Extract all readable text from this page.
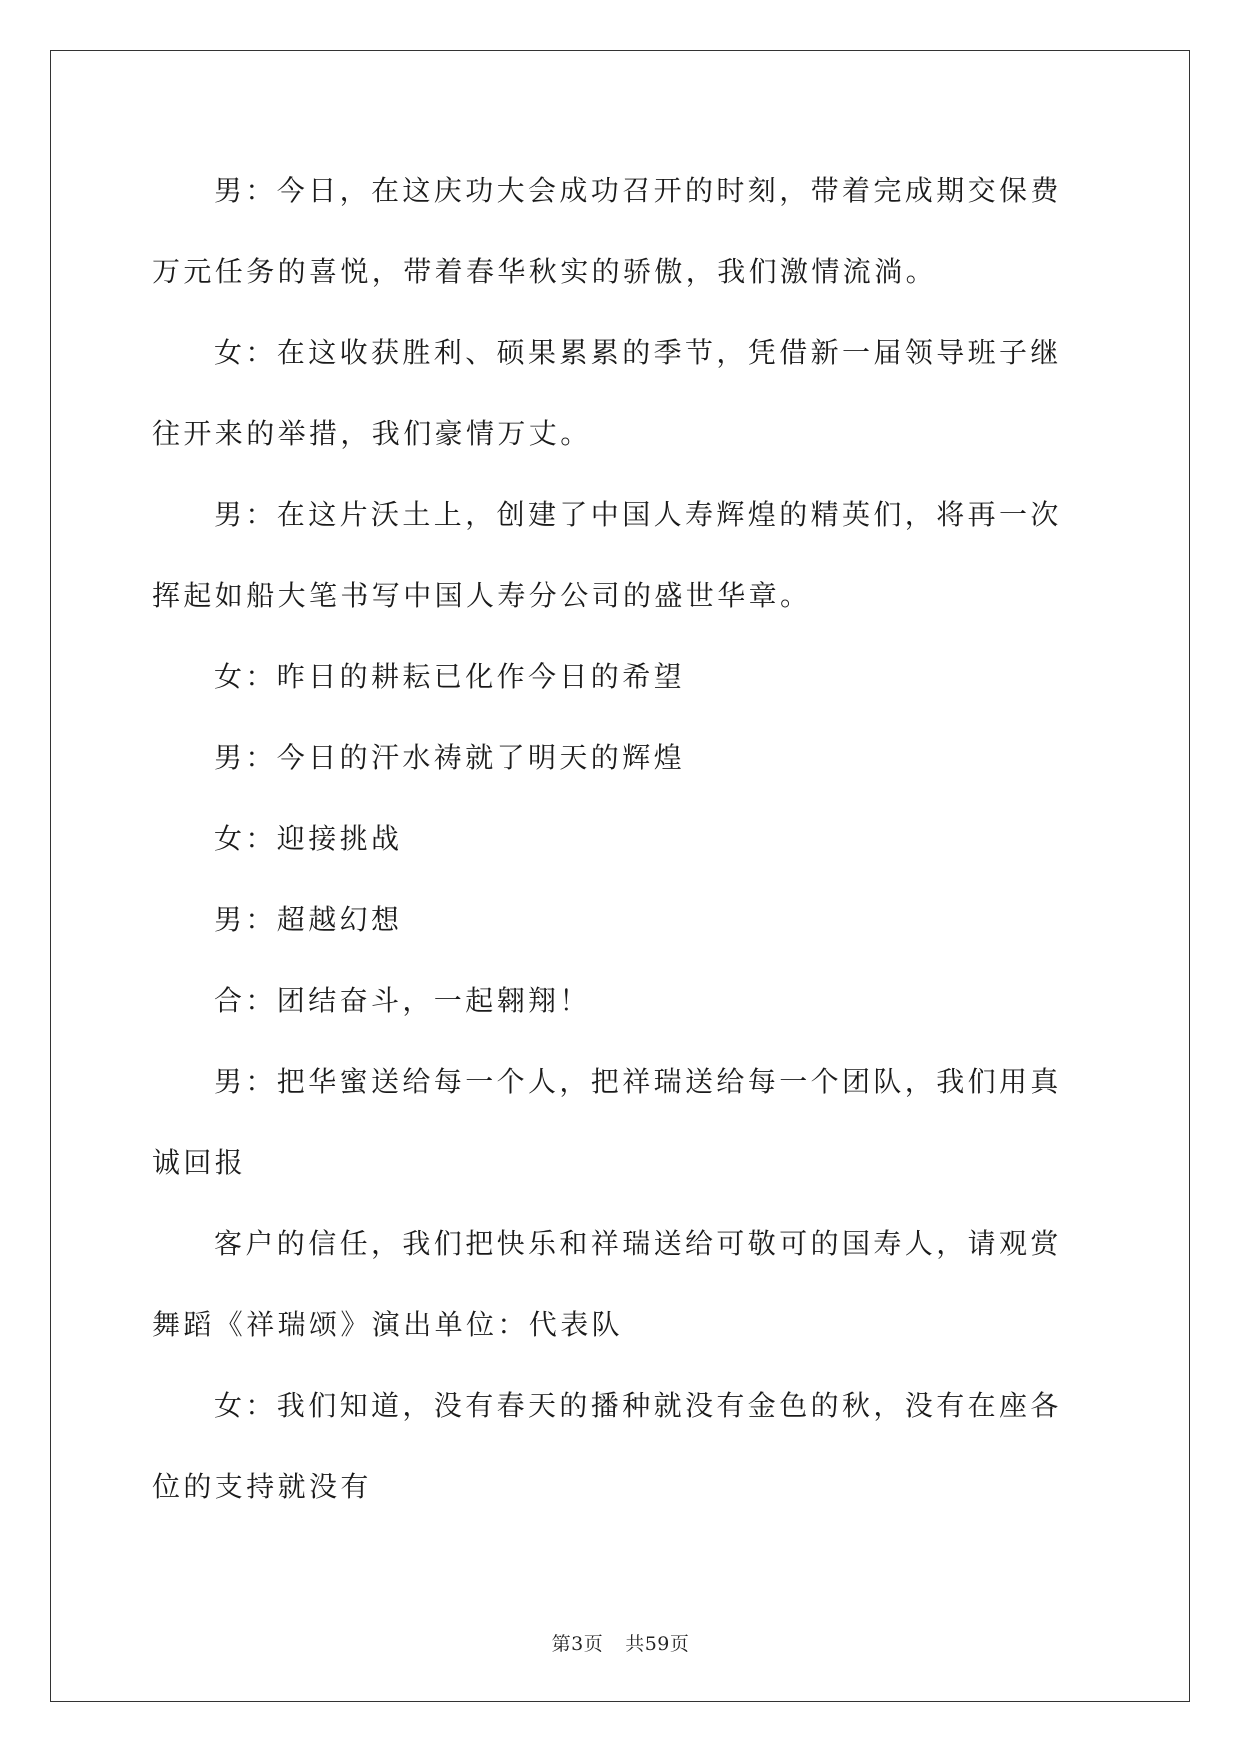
男：今日，在这庆功大会成功召开的时刻，带着完成期交保费万元任务的喜悦，带着春华秋实的骄傲，我们激情流淌。

女：在这收获胜利、硕果累累的季节，凭借新一届领导班子继往开来的举措，我们豪情万丈。

男：在这片沃土上，创建了中国人寿辉煌的精英们，将再一次挥起如船大笔书写中国人寿分公司的盛世华章。

女：昨日的耕耘已化作今日的希望

男：今日的汗水祷就了明天的辉煌

女：迎接挑战

男：超越幻想

合：团结奋斗，一起翱翔！

男：把华蜜送给每一个人，把祥瑞送给每一个团队，我们用真诚回报

客户的信任，我们把快乐和祥瑞送给可敬可的国寿人，请观赏舞蹈《祥瑞颂》演出单位：代表队

女：我们知道，没有春天的播种就没有金色的秋，没有在座各位的支持就没有

第3页 共59页
